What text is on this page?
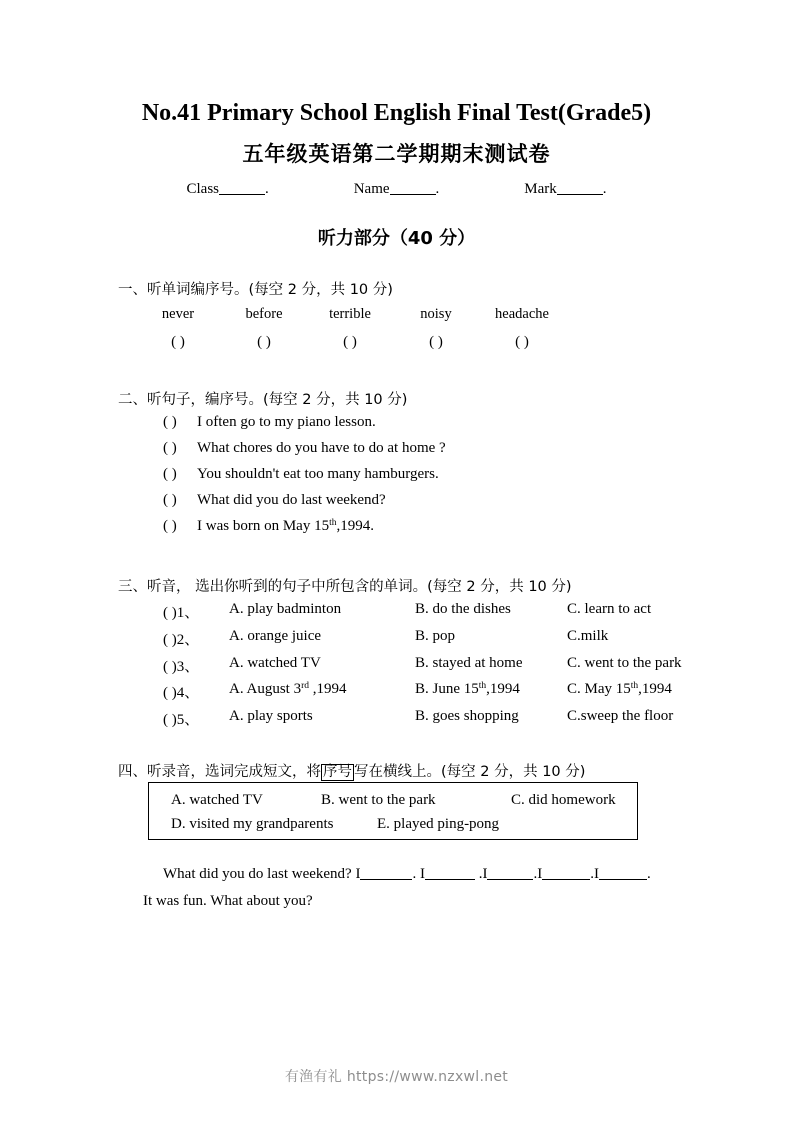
No.41 Primary School English Final Test(Grade5)
五年级英语第二学期期末测试卷
Class	.	Name	.	Mark	.
听力部分（40 分）
一、听单词编序号。(每空 2 分，共 10 分)
never	before	terrible	noisy	headache
( )	( )	( )	( )	( )
二、听句子，编序号。(每空 2 分，共 10 分)
( ) I often go to my piano lesson.
( ) What chores do you have to do at home ?
( ) You shouldn't eat too many hamburgers.
( ) What did you do last weekend?
( ) I was born on May 15th,1994.
三、听音， 选出你听到的句子中所包含的单词。(每空 2 分，共 10 分)
( )1、	A. play badminton	B. do the dishes	C. learn to act
( )2、	A. orange juice	B. pop	C.milk
( )3、	A. watched TV	B. stayed at home	C. went to the park
( )4、	A. August 3rd ,1994	B. June 15th,1994	C. May 15th,1994
( )5、	A. play sports	B. goes shopping	C.sweep the floor
四、听录音，选词完成短文，将 序号 写在横线上。(每空 2 分，共 10 分)
A. watched TV	B. went to the park	C. did homework
D. visited my grandparents	E. played ping-pong
What did you do last weekend? I	. I	.I	.I	.I	.
It was fun. What about you?
有渔有礼 https://www.nzxwl.net
